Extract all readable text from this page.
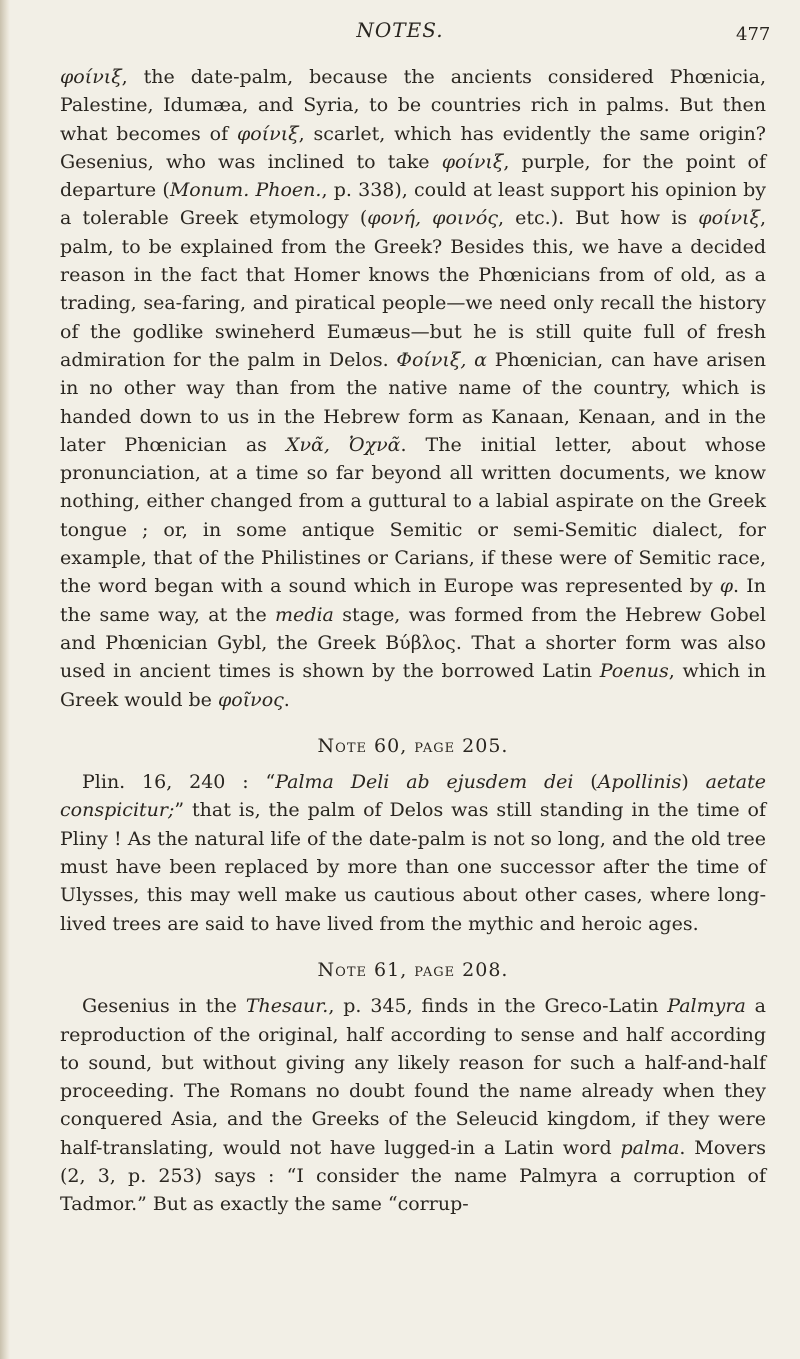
NOTES.	477

φοίνιξ, the date-palm, because the ancients considered Phœnicia, Palestine, Idumæa, and Syria, to be countries rich in palms. But then what becomes of φοίνιξ, scarlet, which has evidently the same origin? Gesenius, who was inclined to take φοίνιξ, purple, for the point of departure (Monum. Phoen., p. 338), could at least support his opinion by a tolerable Greek etymology (φονή, φοινός, etc.). But how is φοίνιξ, palm, to be explained from the Greek? Besides this, we have a decided reason in the fact that Homer knows the Phœnicians from of old, as a trading, sea-faring, and piratical people—we need only recall the history of the godlike swineherd Eumæus—but he is still quite full of fresh admiration for the palm in Delos. Φοίνιξ, α Phœnician, can have arisen in no other way than from the native name of the country, which is handed down to us in the Hebrew form as Kanaan, Kenaan, and in the later Phœnician as Χνᾶ, Ὀχνᾶ. The initial letter, about whose pronunciation, at a time so far beyond all written documents, we know nothing, either changed from a guttural to a labial aspirate on the Greek tongue ; or, in some antique Semitic or semi-Semitic dialect, for example, that of the Philistines or Carians, if these were of Semitic race, the word began with a sound which in Europe was represented by φ. In the same way, at the media stage, was formed from the Hebrew Gobel and Phœnician Gybl, the Greek Βύβλος. That a shorter form was also used in ancient times is shown by the borrowed Latin Poenus, which in Greek would be φοῖνος.

Note 60, page 205.

Plin. 16, 240 : “Palma Deli ab ejusdem dei (Apollinis) aetate conspicitur;” that is, the palm of Delos was still standing in the time of Pliny ! As the natural life of the date-palm is not so long, and the old tree must have been replaced by more than one successor after the time of Ulysses, this may well make us cautious about other cases, where long-lived trees are said to have lived from the mythic and heroic ages.

Note 61, page 208.

Gesenius in the Thesaur., p. 345, finds in the Greco-Latin Palmyra a reproduction of the original, half according to sense and half according to sound, but without giving any likely reason for such a half-and-half proceeding. The Romans no doubt found the name already when they conquered Asia, and the Greeks of the Seleucid kingdom, if they were half-translating, would not have lugged-in a Latin word palma. Movers (2, 3, p. 253) says : “I consider the name Palmyra a corruption of Tadmor.” But as exactly the same “corrup-
